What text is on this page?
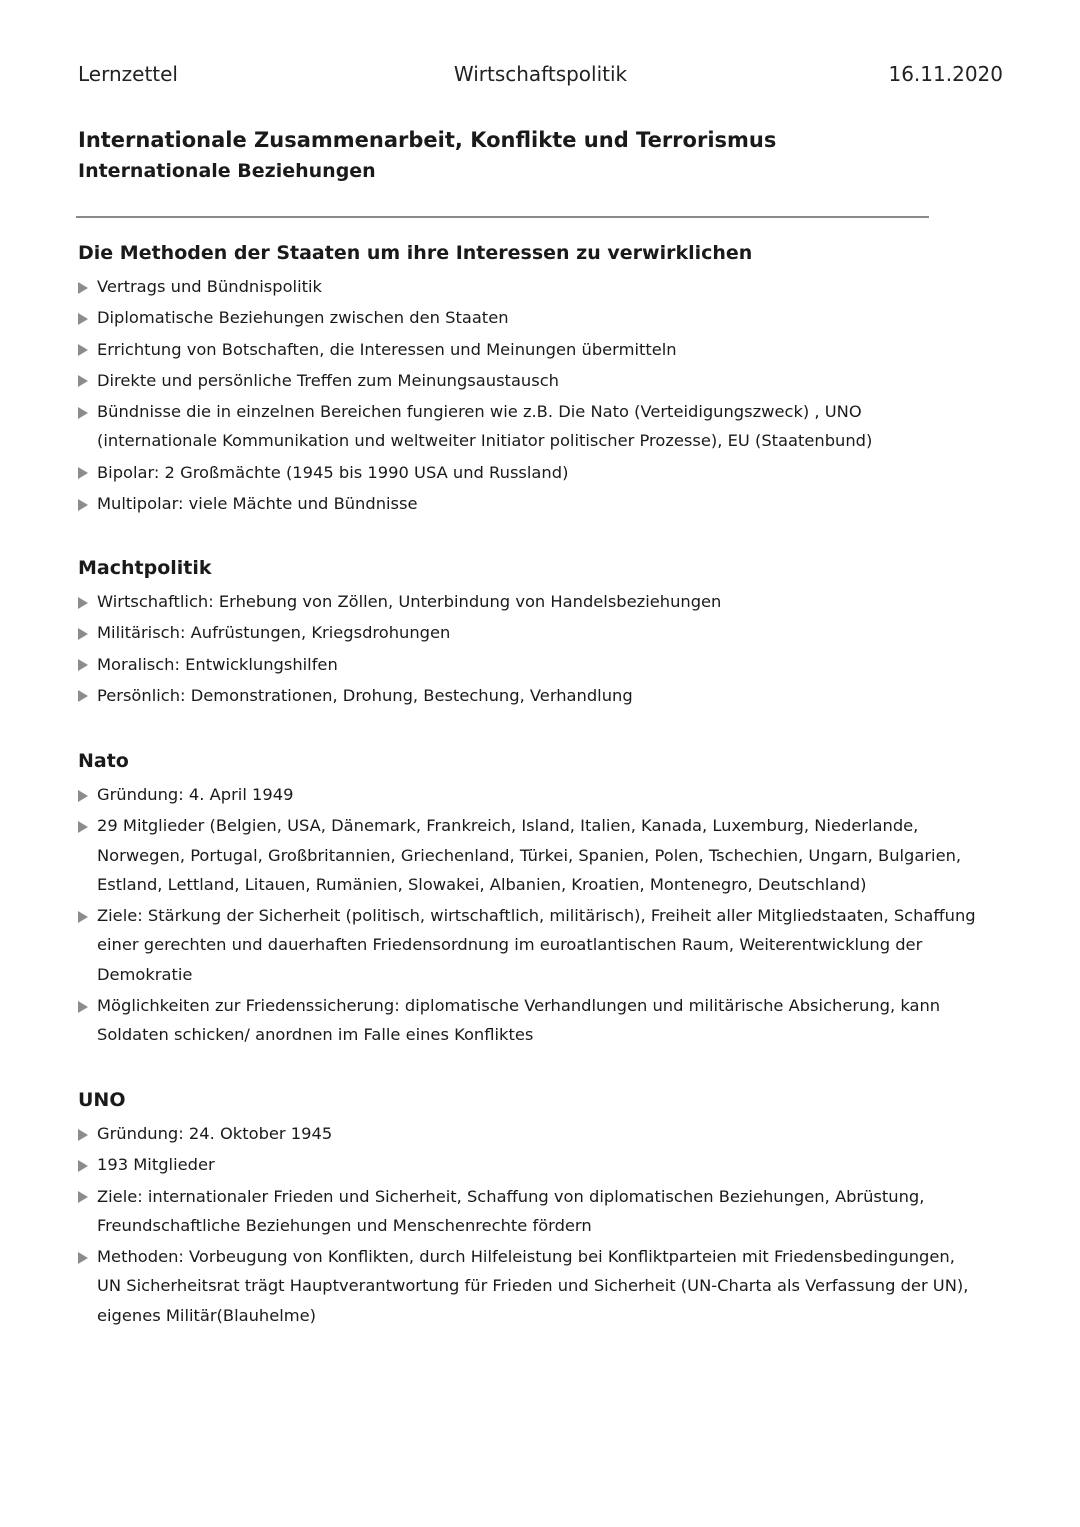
Lernzettel	Wirtschaftspolitik	16.11.2020
Internationale Zusammenarbeit, Konflikte und Terrorismus
Internationale Beziehungen
Die Methoden der Staaten um ihre Interessen zu verwirklichen
Vertrags und Bündnispolitik
Diplomatische Beziehungen zwischen den Staaten
Errichtung von Botschaften, die Interessen und Meinungen übermitteln
Direkte und persönliche Treffen zum Meinungsaustausch
Bündnisse die in einzelnen Bereichen fungieren wie z.B. Die Nato (Verteidigungszweck) , UNO
(internationale Kommunikation und weltweiter Initiator politischer Prozesse), EU (Staatenbund)
Bipolar: 2 Großmächte (1945 bis 1990 USA und Russland)
Multipolar: viele Mächte und Bündnisse
Machtpolitik
Wirtschaftlich: Erhebung von Zöllen, Unterbindung von Handelsbeziehungen
Militärisch: Aufrüstungen, Kriegsdrohungen
Moralisch: Entwicklungshilfen
Persönlich: Demonstrationen, Drohung, Bestechung, Verhandlung
Nato
Gründung: 4. April 1949
29 Mitglieder (Belgien, USA, Dänemark, Frankreich, Island, Italien, Kanada, Luxemburg, Niederlande,
Norwegen, Portugal, Großbritannien, Griechenland, Türkei, Spanien, Polen, Tschechien, Ungarn, Bulgarien,
Estland, Lettland, Litauen, Rumänien, Slowakei, Albanien, Kroatien, Montenegro, Deutschland)
Ziele: Stärkung der Sicherheit (politisch, wirtschaftlich, militärisch), Freiheit aller Mitgliedstaaten, Schaffung
einer gerechten und dauerhaften Friedensordnung im euroatlantischen Raum, Weiterentwicklung der
Demokratie
Möglichkeiten zur Friedenssicherung: diplomatische Verhandlungen und militärische Absicherung, kann
Soldaten schicken/ anordnen im Falle eines Konfliktes
UNO
Gründung: 24. Oktober 1945
193 Mitglieder
Ziele: internationaler Frieden und Sicherheit, Schaffung von diplomatischen Beziehungen, Abrüstung,
Freundschaftliche Beziehungen und Menschenrechte fördern
Methoden: Vorbeugung von Konflikten, durch Hilfeleistung bei Konfliktparteien mit Friedensbedingungen,
UN Sicherheitsrat trägt Hauptverantwortung für Frieden und Sicherheit (UN-Charta als Verfassung der UN),
eigenes Militär(Blauhelme)
